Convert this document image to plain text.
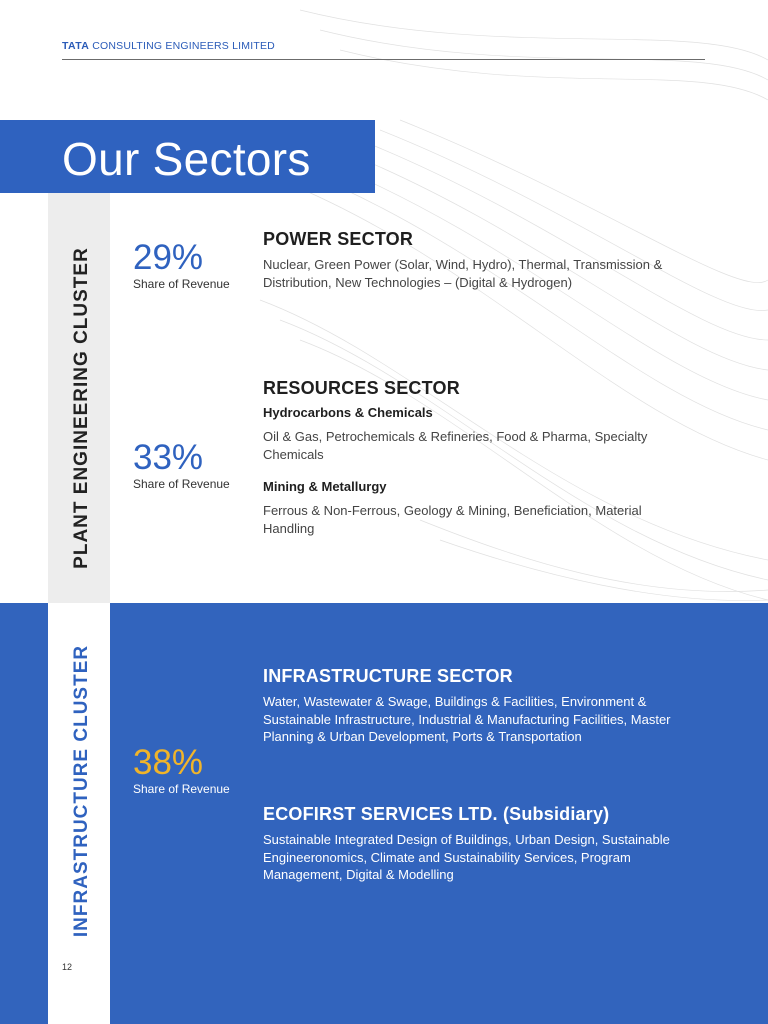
TATA CONSULTING ENGINEERS LIMITED
Our Sectors
PLANT ENGINEERING CLUSTER
INFRASTRUCTURE CLUSTER
29%
Share of Revenue
33%
Share of Revenue
38%
Share of Revenue
POWER SECTOR

Nuclear, Green Power (Solar, Wind, Hydro), Thermal, Transmission & Distribution, New Technologies – (Digital & Hydrogen)

RESOURCES SECTOR
Hydrocarbons & Chemicals

Oil & Gas, Petrochemicals & Refineries, Food & Pharma, Specialty Chemicals

Mining & Metallurgy

Ferrous & Non-Ferrous, Geology & Mining, Beneficiation, Material Handling

INFRASTRUCTURE SECTOR

Water, Wastewater & Swage, Buildings & Facilities, Environment & Sustainable Infrastructure, Industrial & Manufacturing Facilities, Master Planning & Urban Development, Ports & Transportation

ECOFIRST SERVICES LTD. (Subsidiary)

Sustainable Integrated Design of Buildings, Urban Design, Sustainable Engineeronomics, Climate and Sustainability Services, Program Management, Digital & Modelling

12
